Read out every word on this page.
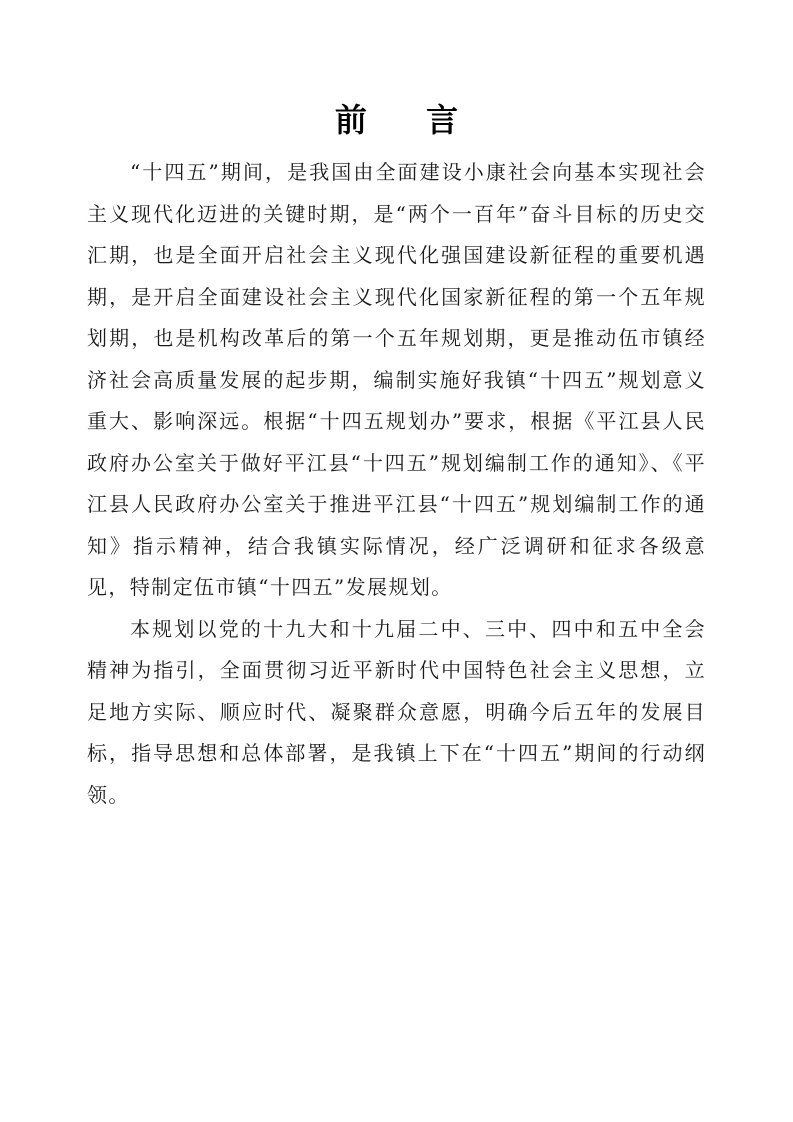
前 言

“十四五”期间，是我国由全面建设小康社会向基本实现社会主义现代化迈进的关键时期，是“两个一百年”奋斗目标的历史交汇期，也是全面开启社会主义现代化强国建设新征程的重要机遇期，是开启全面建设社会主义现代化国家新征程的第一个五年规划期，也是机构改革后的第一个五年规划期，更是推动伍市镇经济社会高质量发展的起步期，编制实施好我镇“十四五”规划意义重大、影响深远。根据“十四五规划办”要求，根据《平江县人民政府办公室关于做好平江县“十四五”规划编制工作的通知》、《平江县人民政府办公室关于推进平江县“十四五”规划编制工作的通知》指示精神，结合我镇实际情况，经广泛调研和征求各级意见，特制定伍市镇“十四五”发展规划。

本规划以党的十九大和十九届二中、三中、四中和五中全会精神为指引，全面贯彻习近平新时代中国特色社会主义思想，立足地方实际、顺应时代、凝聚群众意愿，明确今后五年的发展目标，指导思想和总体部署，是我镇上下在“十四五”期间的行动纲领。
